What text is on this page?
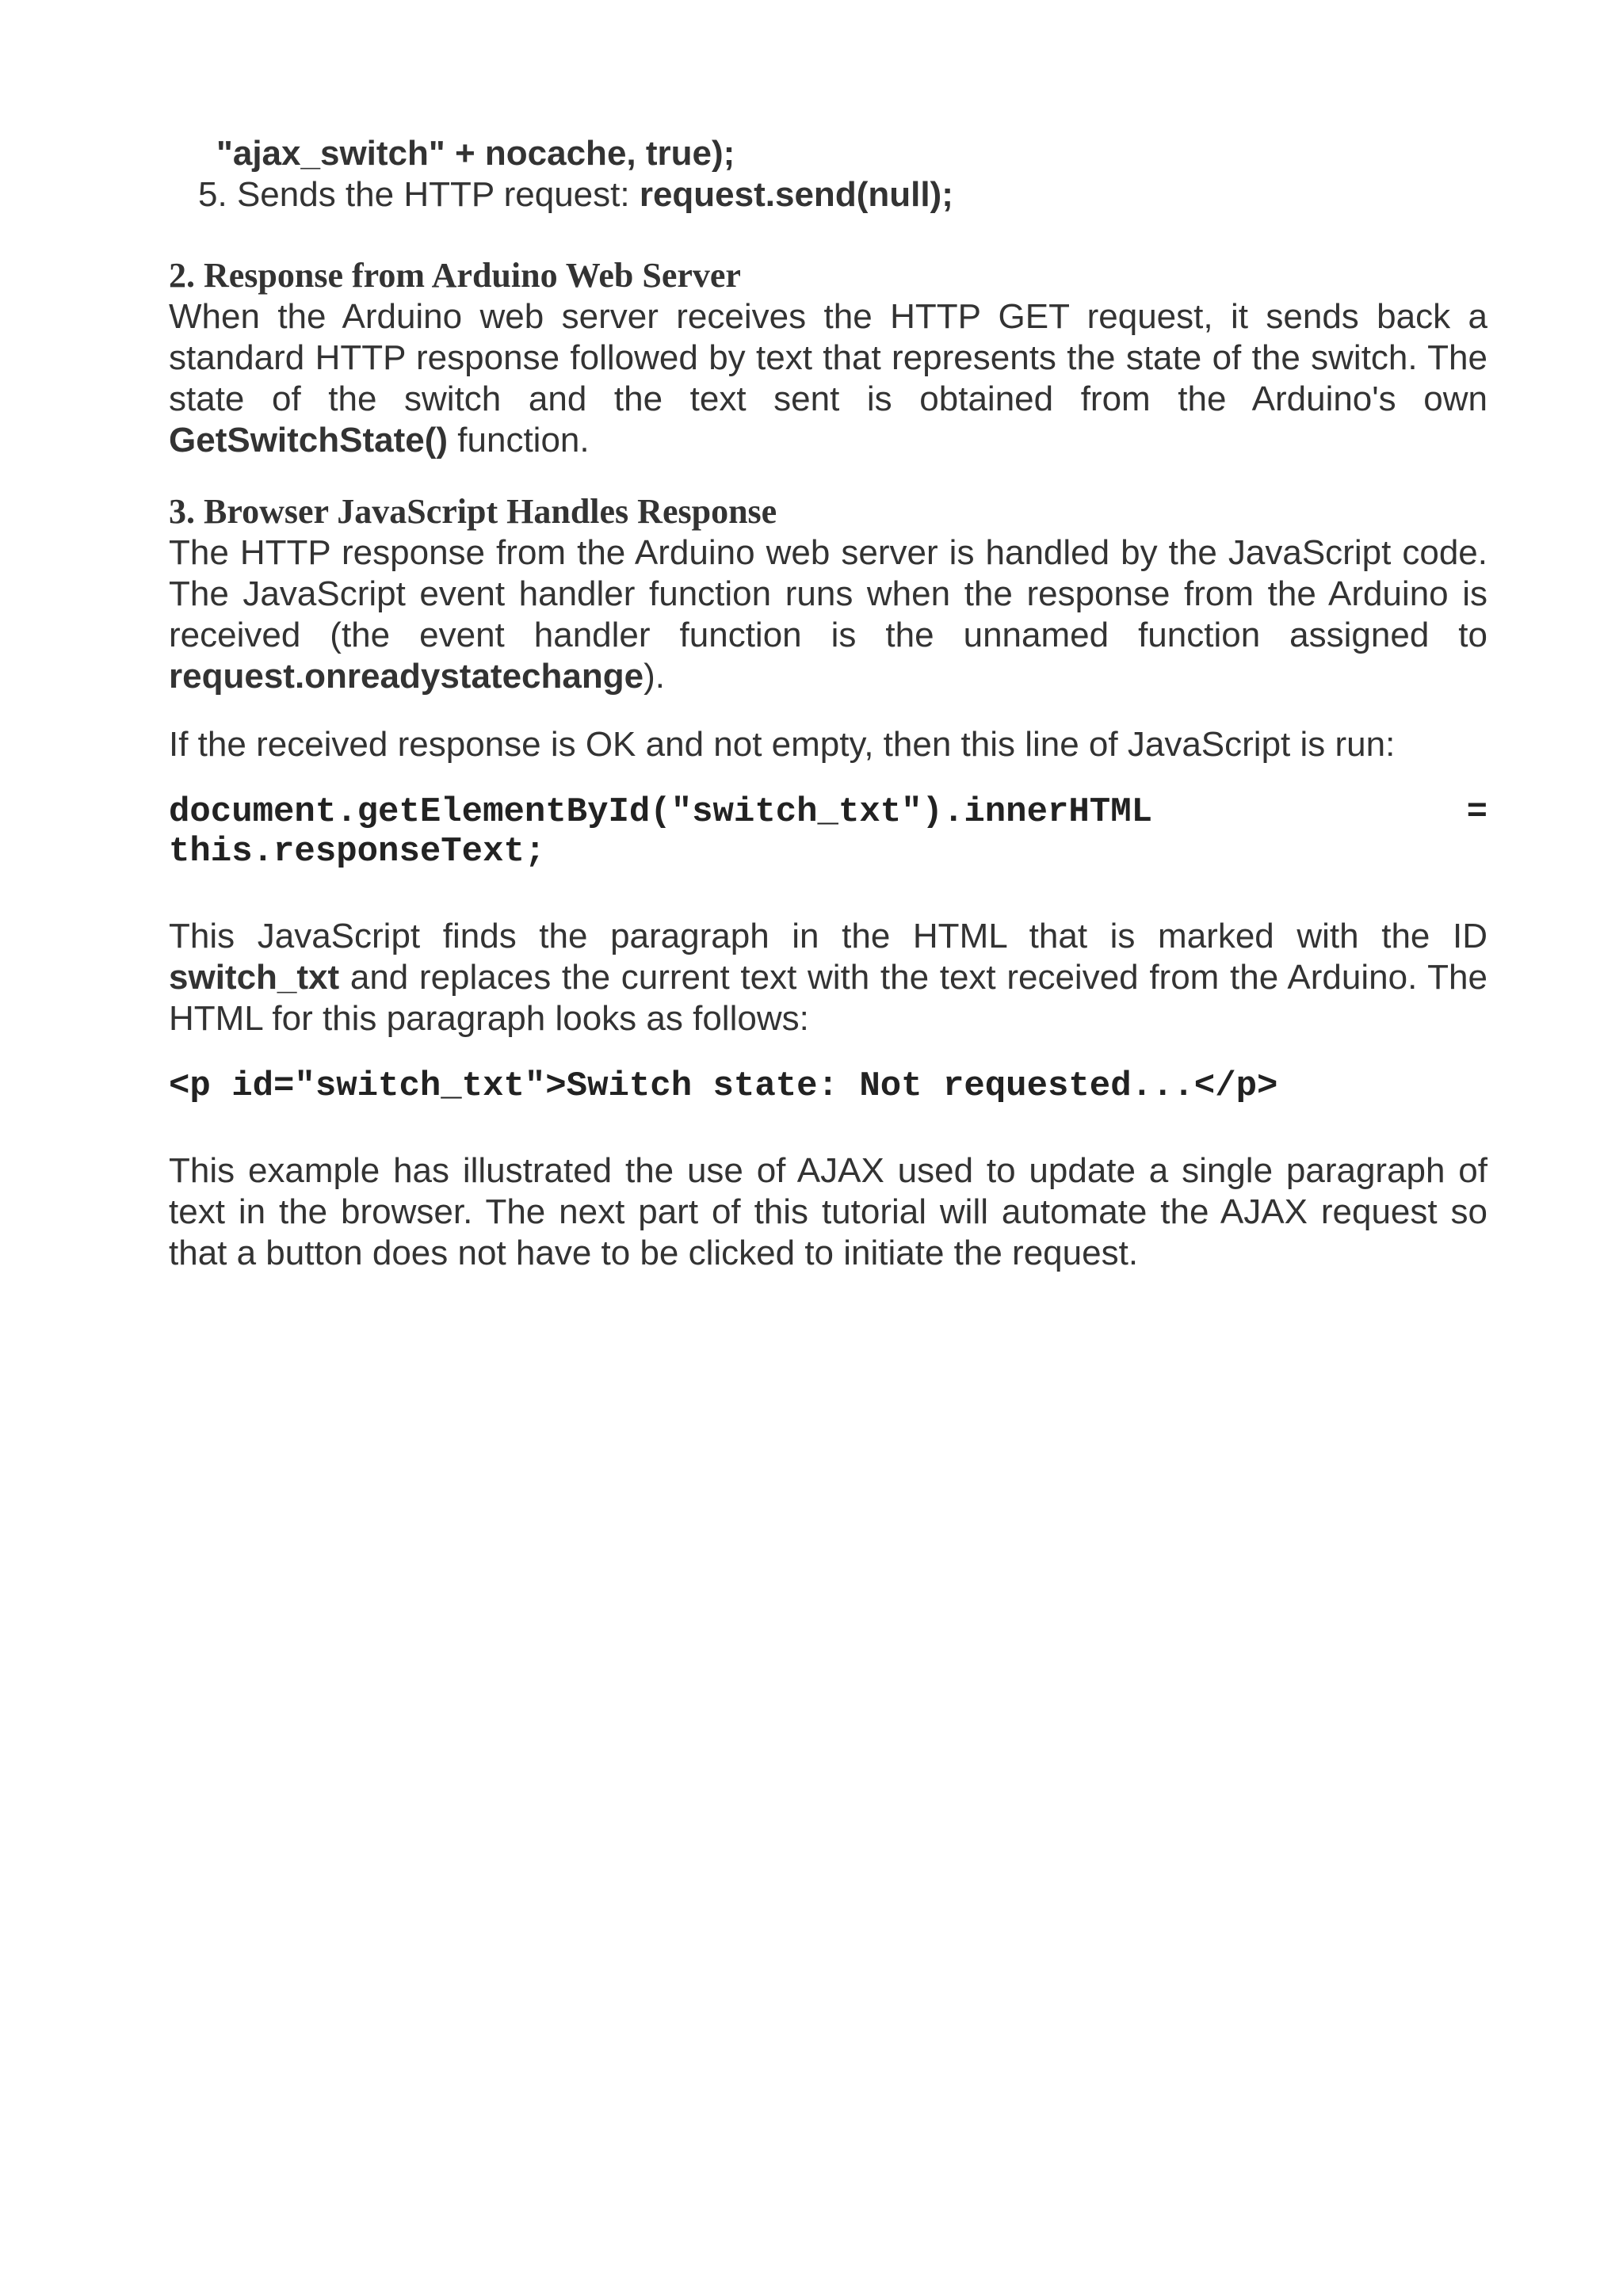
"ajax_switch" + nocache, true);
5. Sends the HTTP request: request.send(null);
2. Response from Arduino Web Server

When the Arduino web server receives the HTTP GET request, it sends back a standard HTTP response followed by text that represents the state of the switch. The state of the switch and the text sent is obtained from the Arduino's own GetSwitchState() function.

3. Browser JavaScript Handles Response

The HTTP response from the Arduino web server is handled by the JavaScript code. The JavaScript event handler function runs when the response from the Arduino is received (the event handler function is the unnamed function assigned to request.onreadystatechange).

If the received response is OK and not empty, then this line of JavaScript is run:

document.getElementById("switch_txt").innerHTML	=
this.responseText;

This JavaScript finds the paragraph in the HTML that is marked with the ID switch_txt and replaces the current text with the text received from the Arduino. The HTML for this paragraph looks as follows:

<p id="switch_txt">Switch state: Not requested...</p>

This example has illustrated the use of AJAX used to update a single paragraph of text in the browser. The next part of this tutorial will automate the AJAX request so that a button does not have to be clicked to initiate the request.
